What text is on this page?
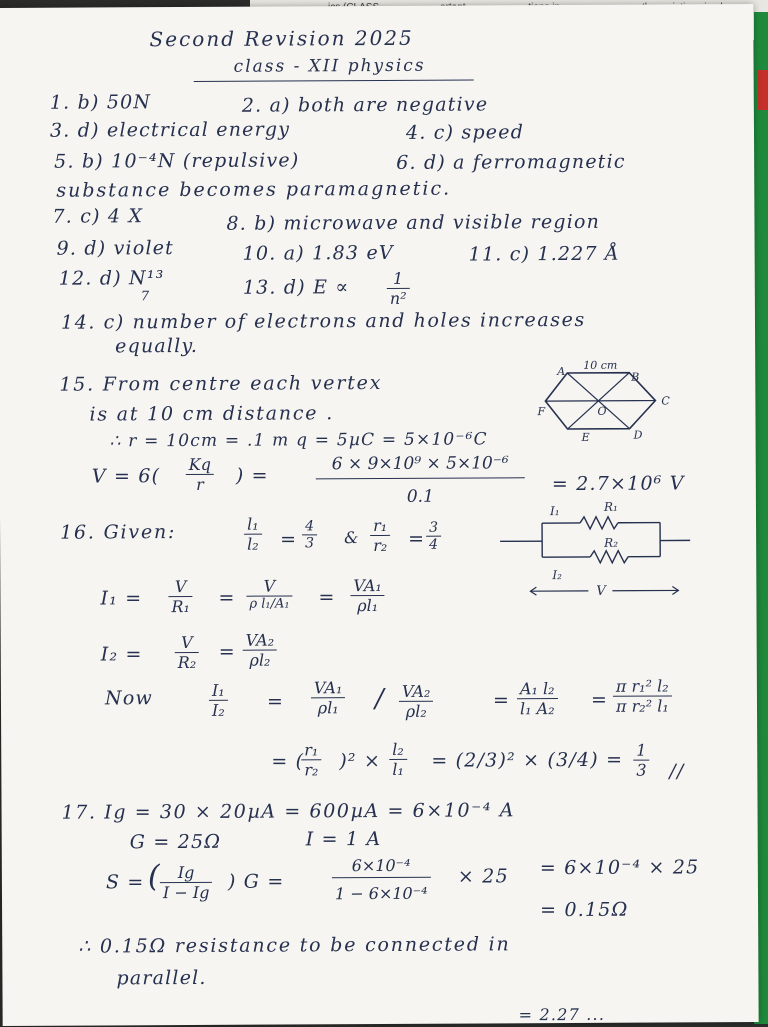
Second Revision 2025
class - XII physics
1. b) 50N	2. a) both are negative
3. d) electrical energy	4. c) speed
5. b) 10⁻⁴N (repulsive)	6. d) a ferromagnetic
substance becomes paramagnetic.
7. c) 4 X	8. b) microwave and visible region
9. d) violet	10. a) 1.83 eV	11. c) 1.227 Å
12. d) N¹³
7	13. d) $E \propto \frac{1}{\text{n²}}$
14. c) number of electrons and holes increases
equally.
15. From centre each vertex
is at 10 cm distance .
∴ r = 10cm = .1 m q = 5µC = 5×10⁻⁶C
$V = 6( \frac{Kq}{r}$ ) =	$\frac{\text{6 × 9×10⁹ × 5×10⁻⁶}}{0.1} = 2.7\times 10^6$ V
10 cm
A	B
C
D
E
F	O
16. Given:	$\frac{\text{l₁}}{\text{l₂}} = \frac{4}{3}$ & $\frac{\text{r₁}}{\text{r₂}} = \frac{3}{4}$
I₁	R₁
R₂
I₂
V
$I_1 = \frac{V}{\text{R₁}}$ =
V
ρ $l_1/A_1 = \frac{\text{VA₁}}{\text{ρl₁}}$
$I_2 = \frac{V}{\text{R₂}} = \frac{\text{VA₂}}{\text{ρl₂}}$
Now	$\frac{\text{I₁}}{\text{I₂}} = \frac{\text{VA₁}}{\text{ρl₁}} / \frac{\text{VA₂}}{\text{ρl₂}}$	= $\frac{\text{A₁ l₂}}{\text{l₁ A₂}} = \frac{\text{π r₁² l₂}}{\text{π r₂² l₁}}$
= (
$\frac{\text{r₁}}{\text{r₂}} )^2 \times \frac{\text{l₂}}{\text{l₁}} = (2/3)^2 \times (3/4) = \frac{1}{3}$ //
17. Ig = 30 × 20µA = 600µA = 6×10⁻⁴ A
G = 25Ω	I = 1 A
S = (
$\frac{Ig}{I - Ig}$ ) G =	$\frac{\text{6×10⁻⁴}}{\text{1 − 6×10⁻⁴}} \times 25 = 6\times 10^{-4} \times 25$
= 0.15Ω
∴ 0.15Ω resistance to be connected in
parallel.
= 2.27 ...
